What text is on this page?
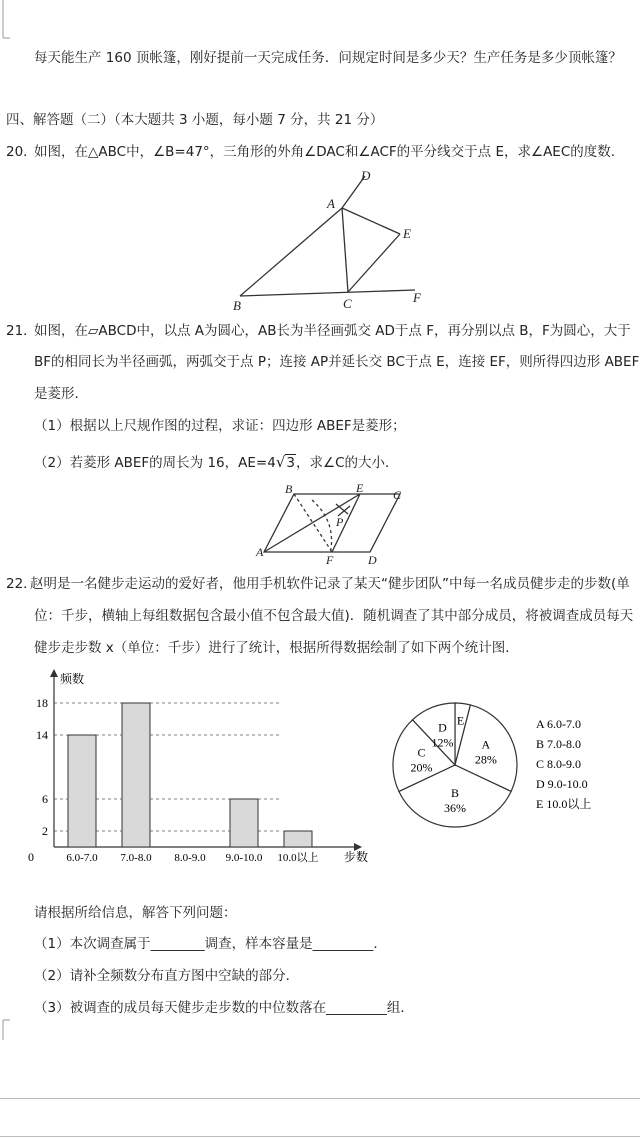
每天能生产 160 顶帐篷，刚好提前一天完成任务．问规定时间是多少天？生产任务是多少顶帐篷？
四、解答题（二）（本大题共 3 小题，每小题 7 分，共 21 分）
20．
如图，在△ABC中，∠B=47°，三角形的外角∠DAC和∠ACF的平分线交于点 E，求∠AEC的度数．
D
A
E
B	C	F
21．
如图，在▱ABCD中，以点 A为圆心，AB长为半径画弧交 AD于点 F，再分别以点 B，F为圆心，大于
BF的相同长为半径画弧，两弧交于点 P；连接 AP并延长交 BC于点 E，连接 EF，则所得四边形 ABEF
是菱形．
（1）根据以上尺规作图的过程，求证：四边形 ABEF是菱形；
（2）若菱形 ABEF的周长为 16，AE=4√3，求∠C的大小．
B	E C
P
A
F	D
22．
赵明是一名健步走运动的爱好者，他用手机软件记录了某天“健步团队”中每一名成员健步走的步数(单
位：千步，横轴上每组数据包含最小值不包含最大值)．随机调查了其中部分成员，将被调查成员每天
健步走步数 x（单位：千步）进行了统计，根据所得数据绘制了如下两个统计图．
频数
步数
0
2
6
14
18
6.0-7.0 7.0-8.0 8.0-9.0 9.0-10.0 10.0以上
E
A
28%
B
36%
C
20%
D
12%
A 6.0-7.0
B 7.0-8.0
C 8.0-9.0
D 9.0-10.0
E 10.0以上
请根据所给信息，解答下列问题：
（1）本次调查属于________调查，样本容量是_________．
（2）请补全频数分布直方图中空缺的部分．
（3）被调查的成员每天健步走步数的中位数落在_________组．
